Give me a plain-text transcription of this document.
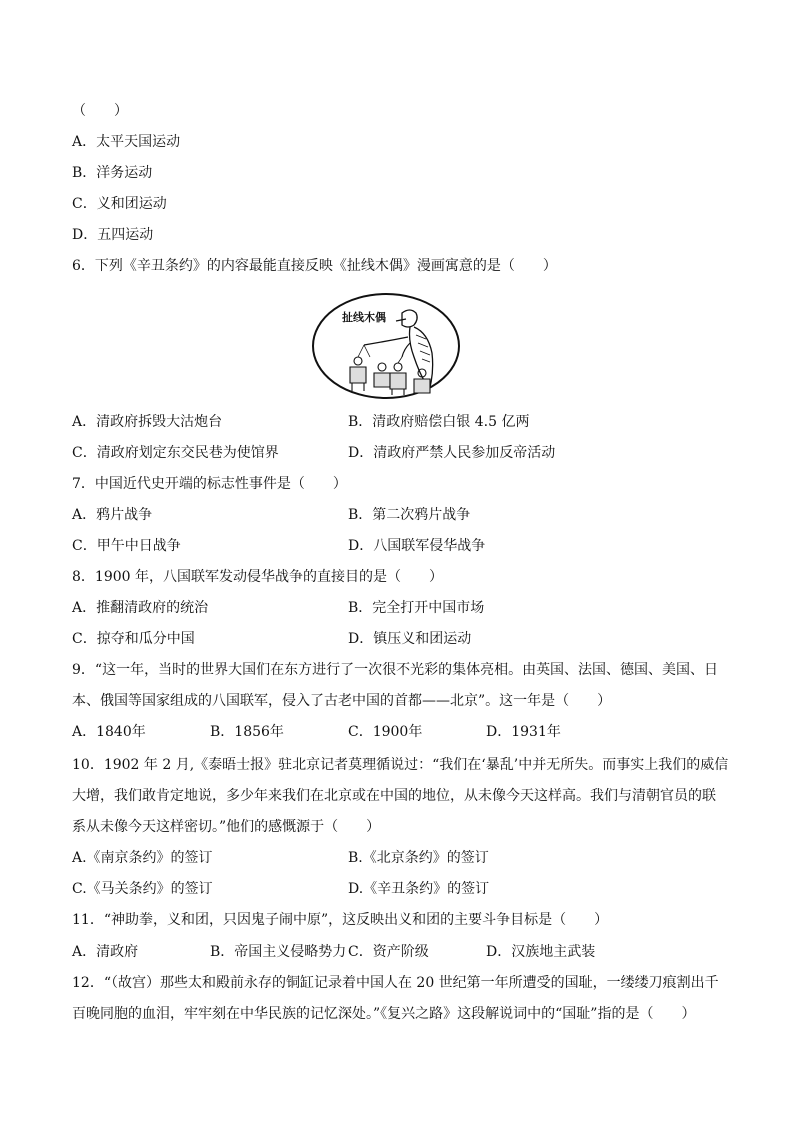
（　　）
A．太平天国运动
B．洋务运动
C．义和团运动
D．五四运动
6．下列《辛丑条约》的内容最能直接反映《扯线木偶》漫画寓意的是（　　）
扯线木偶
A．清政府拆毁大沽炮台	B．清政府赔偿白银 4.5 亿两
C．清政府划定东交民巷为使馆界	D．清政府严禁人民参加反帝活动
7．中国近代史开端的标志性事件是（　　）
A．鸦片战争	B．第二次鸦片战争
C．甲午中日战争	D．八国联军侵华战争
8．1900 年，八国联军发动侵华战争的直接目的是（　　）
A．推翻清政府的统治	B．完全打开中国市场
C．掠夺和瓜分中国	D．镇压义和团运动
9．“这一年，当时的世界大国们在东方进行了一次很不光彩的集体亮相。由英国、法国、德国、美国、日
本、俄国等国家组成的八国联军，侵入了古老中国的首都——北京”。这一年是（　　）
A．1840年	B．1856年	C．1900年	D．1931年
10．1902 年 2 月,《泰晤士报》驻北京记者莫理循说过：“我们在‘暴乱’中并无所失。而事实上我们的威信
大增，我们敢肯定地说，多少年来我们在北京或在中国的地位，从未像今天这样高。我们与清朝官员的联
系从未像今天这样密切。”他们的感慨源于（　　）
A.《南京条约》的签订	B.《北京条约》的签订
C.《马关条约》的签订	D.《辛丑条约》的签订
11．“神助拳，义和团，只因鬼子闹中原”，这反映出义和团的主要斗争目标是（　　）
A．清政府	B．帝国主义侵略势力 C．资产阶级	D．汉族地主武装
12．“（故宫）那些太和殿前永存的铜缸记录着中国人在 20 世纪第一年所遭受的国耻，一缕缕刀痕割出千
百晚同胞的血泪，牢牢刻在中华民族的记忆深处。”《复兴之路》这段解说词中的“国耻”指的是（　　）
